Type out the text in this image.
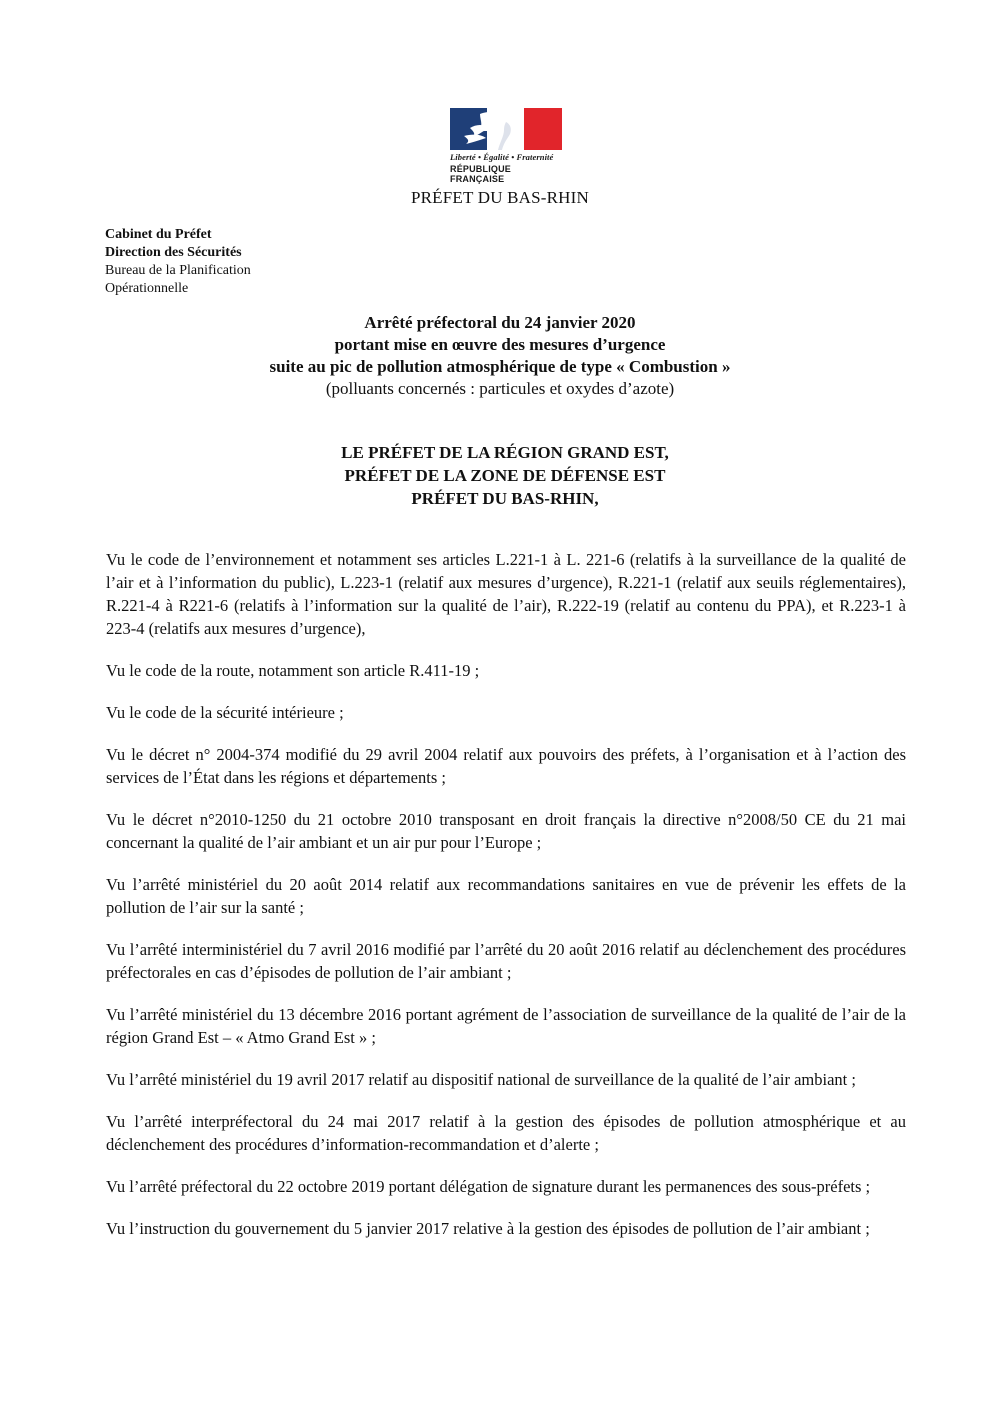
Liberté • Égalité • Fraternité
RÉPUBLIQUE FRANÇAISE
PRÉFET DU BAS-RHIN
Cabinet du Préfet
Direction des Sécurités
Bureau de la Planification
Opérationnelle
Arrêté préfectoral du 24 janvier 2020
portant mise en œuvre des mesures d’urgence
suite au pic de pollution atmosphérique de type « Combustion »
(polluants concernés : particules et oxydes d’azote)
LE PRÉFET DE LA RÉGION GRAND EST,
PRÉFET DE LA ZONE DE DÉFENSE EST
PRÉFET DU BAS-RHIN,

Vu le code de l’environnement et notamment ses articles L.221-1 à L. 221-6 (relatifs à la surveillance de la qualité de l’air et à l’information du public), L.223-1 (relatif aux mesures d’urgence), R.221-1 (relatif aux seuils réglementaires), R.221-4 à R221-6 (relatifs à l’information sur la qualité de l’air), R.222-19 (relatif au contenu du PPA), et R.223-1 à 223-4 (relatifs aux mesures d’urgence),

Vu le code de la route, notamment son article R.411-19 ;

Vu le code de la sécurité intérieure ;

Vu le décret n° 2004-374 modifié du 29 avril 2004 relatif aux pouvoirs des préfets, à l’organisation et à l’action des services de l’État dans les régions et départements ;

Vu le décret n°2010-1250 du 21 octobre 2010 transposant en droit français la directive n°2008/50 CE du 21 mai concernant la qualité de l’air ambiant et un air pur pour l’Europe ;

Vu l’arrêté ministériel du 20 août 2014 relatif aux recommandations sanitaires en vue de prévenir les effets de la pollution de l’air sur la santé ;

Vu l’arrêté interministériel du 7 avril 2016 modifié par l’arrêté du 20 août 2016 relatif au déclenchement des procédures préfectorales en cas d’épisodes de pollution de l’air ambiant ;

Vu l’arrêté ministériel du 13 décembre 2016 portant agrément de l’association de surveillance de la qualité de l’air de la région Grand Est – « Atmo Grand Est » ;

Vu l’arrêté ministériel du 19 avril 2017 relatif au dispositif national de surveillance de la qualité de l’air ambiant ;

Vu l’arrêté interpréfectoral du 24 mai 2017 relatif à la gestion des épisodes de pollution atmosphérique et au déclenchement des procédures d’information-recommandation et d’alerte ;

Vu l’arrêté préfectoral du 22 octobre 2019 portant délégation de signature durant les permanences des sous-préfets ;

Vu l’instruction du gouvernement du 5 janvier 2017 relative à la gestion des épisodes de pollution de l’air ambiant ;
